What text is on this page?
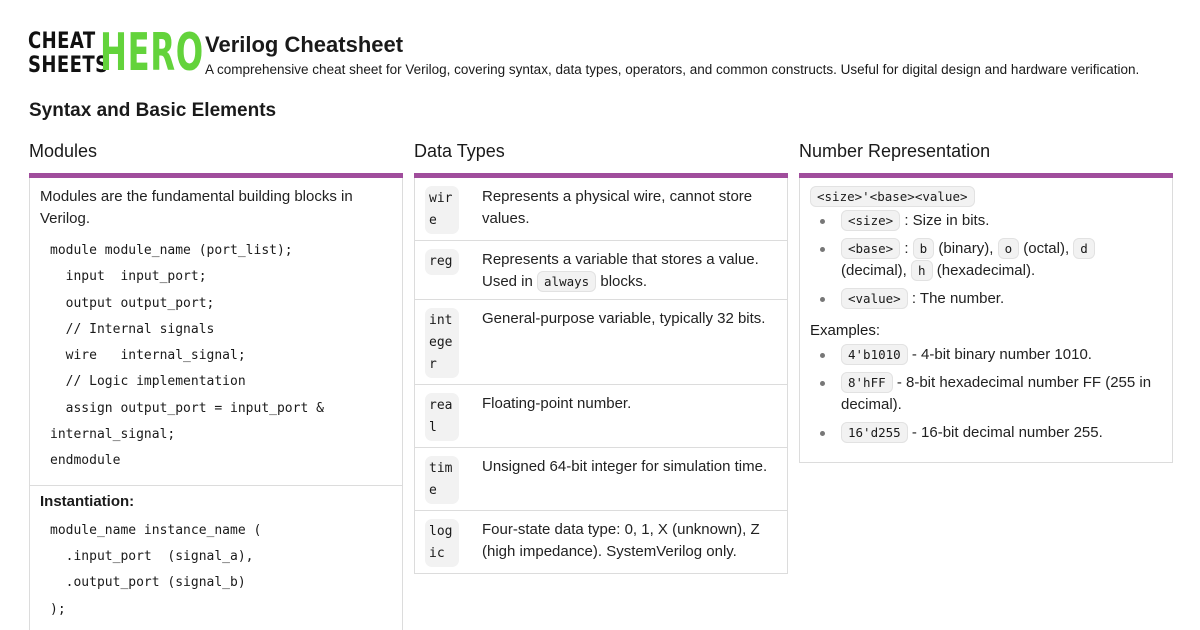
CHEAT
SHEETS
HERO Verilog Cheatsheet
A comprehensive cheat sheet for Verilog, covering syntax, data types, operators, and common constructs. Useful for digital design and hardware verification.
Syntax and Basic Elements
Modules
Modules are the fundamental building blocks in Verilog.
module module_name (port_list);
input  input_port;
output output_port;
// Internal signals
wire   internal_signal;
// Logic implementation
assign output_port = input_port &
internal_signal;
endmodule
Instantiation:
module_name instance_name (
.input_port  (signal_a),
.output_port (signal_b)
);
Data Types
wire
Represents a physical wire, cannot store values.
reg	Represents a variable that stores a value. Used in always blocks.
integer
General-purpose variable, typically 32 bits.
real
Floating-point number.
time
Unsigned 64-bit integer for simulation time.
logic
Four-state data type: 0, 1, X (unknown), Z (high impedance). SystemVerilog only.
Number Representation
<size>'<base><value>
<size> : Size in bits.
<base> : b (binary), o (octal), d (decimal), h (hexadecimal).
<value> : The number.
Examples:
4'b1010 - 4-bit binary number 1010.
8'hFF - 8-bit hexadecimal number FF (255 in decimal).
16'd255 - 16-bit decimal number 255.
